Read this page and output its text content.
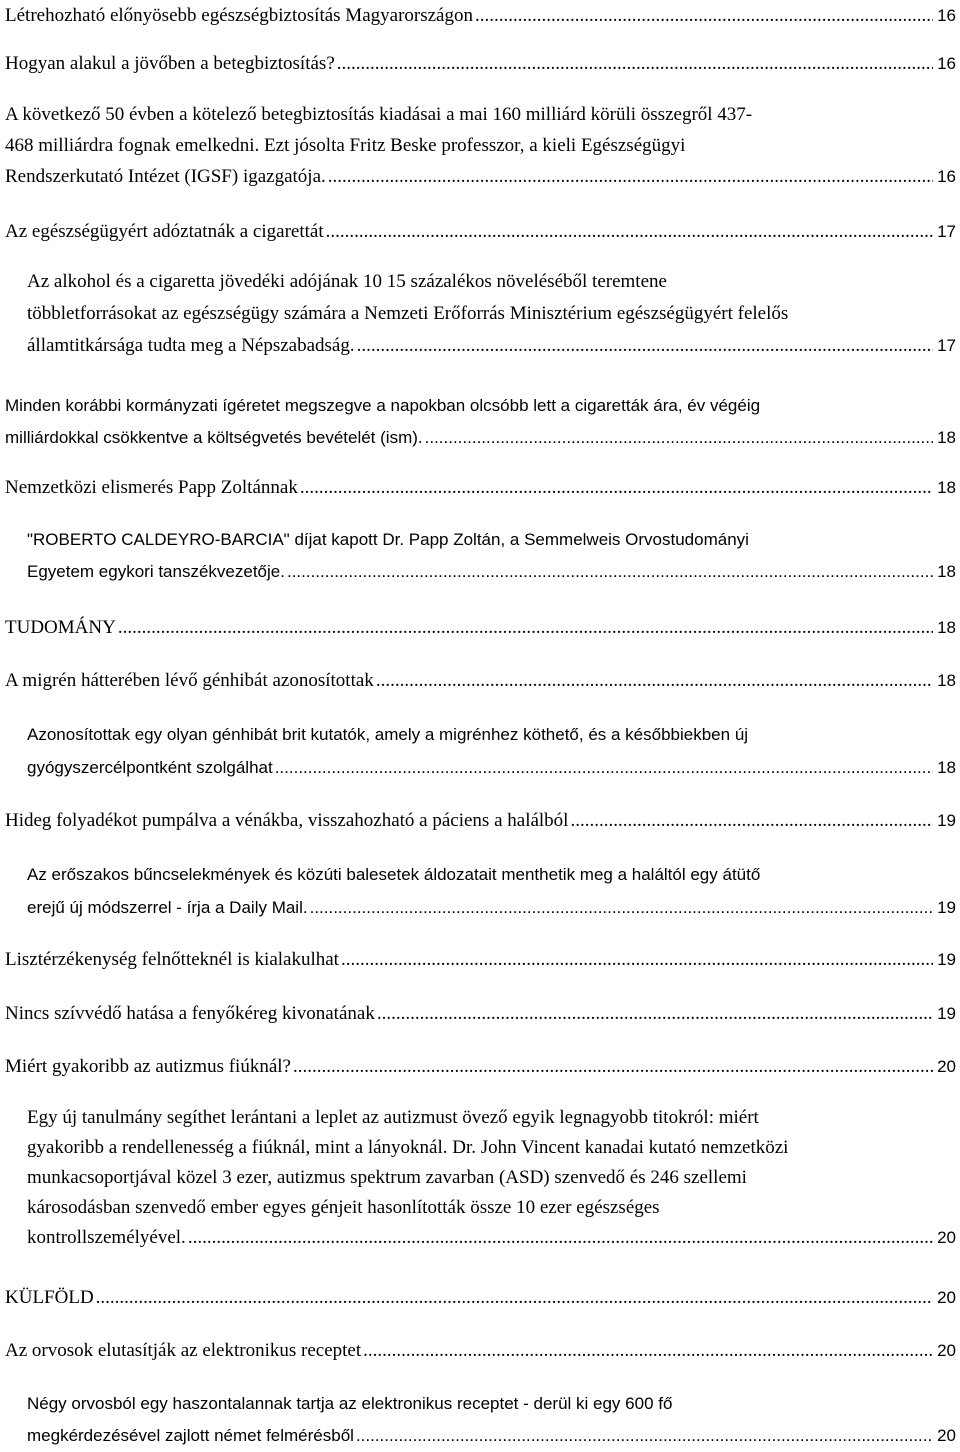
Létrehozható előnyösebb egészségbiztosítás Magyarországon .....	16
Hogyan alakul a jövőben a betegbiztosítás? .....	16
A következő 50 évben a kötelező betegbiztosítás kiadásai a mai 160 milliárd körüli összegről 437-
468 milliárdra fognak emelkedni. Ezt jósolta Fritz Beske professzor, a kieli Egészségügyi
Rendszerkutató Intézet (IGSF) igazgatója. .....	16
Az egészségügyért adóztatnák a cigarettát .....	17
Az alkohol és a cigaretta jövedéki adójának 10 15 százalékos növeléséből teremtene
többletforrásokat az egészségügy számára a Nemzeti Erőforrás Minisztérium egészségügyért felelős
államtitkársága tudta meg a Népszabadság. .....	17
Minden korábbi kormányzati ígéretet megszegve a napokban olcsóbb lett a cigaretták ára, év végéig
milliárdokkal csökkentve a költségvetés bevételét (ism). .....	18
Nemzetközi elismerés Papp Zoltánnak .....	18
"ROBERTO CALDEYRO-BARCIA" díjat kapott Dr. Papp Zoltán, a Semmelweis Orvostudományi
Egyetem egykori tanszékvezetője. .....	18
TUDOMÁNY .....	18
A migrén hátterében lévő génhibát azonosítottak .....	18
Azonosítottak egy olyan génhibát brit kutatók, amely a migrénhez köthető, és a későbbiekben új
gyógyszercélpontként szolgálhat .....	18
Hideg folyadékot pumpálva a vénákba, visszahozható a páciens a halálból .....	19
Az erőszakos bűncselekmények és közúti balesetek áldozatait menthetik meg a haláltól egy átütő
erejű új módszerrel - írja a Daily Mail. .....	19
Lisztérzékenység felnőtteknél is kialakulhat .....	19
Nincs szívvédő hatása a fenyőkéreg kivonatának .....	19
Miért gyakoribb az autizmus fiúknál? .....	20
Egy új tanulmány segíthet lerántani a leplet az autizmust övező egyik legnagyobb titokról: miért
gyakoribb a rendellenesség a fiúknál, mint a lányoknál. Dr. John Vincent kanadai kutató nemzetközi
munkacsoportjával közel 3 ezer, autizmus spektrum zavarban (ASD) szenvedő és 246 szellemi
károsodásban szenvedő ember egyes génjeit hasonlították össze 10 ezer egészséges
kontrollszemélyével. .....	20
KÜLFÖLD .....	20
Az orvosok elutasítják az elektronikus receptet .....	20
Négy orvosból egy haszontalannak tartja az elektronikus receptet - derül ki egy 600 fő
megkérdezésével zajlott német felmérésből .....	20
